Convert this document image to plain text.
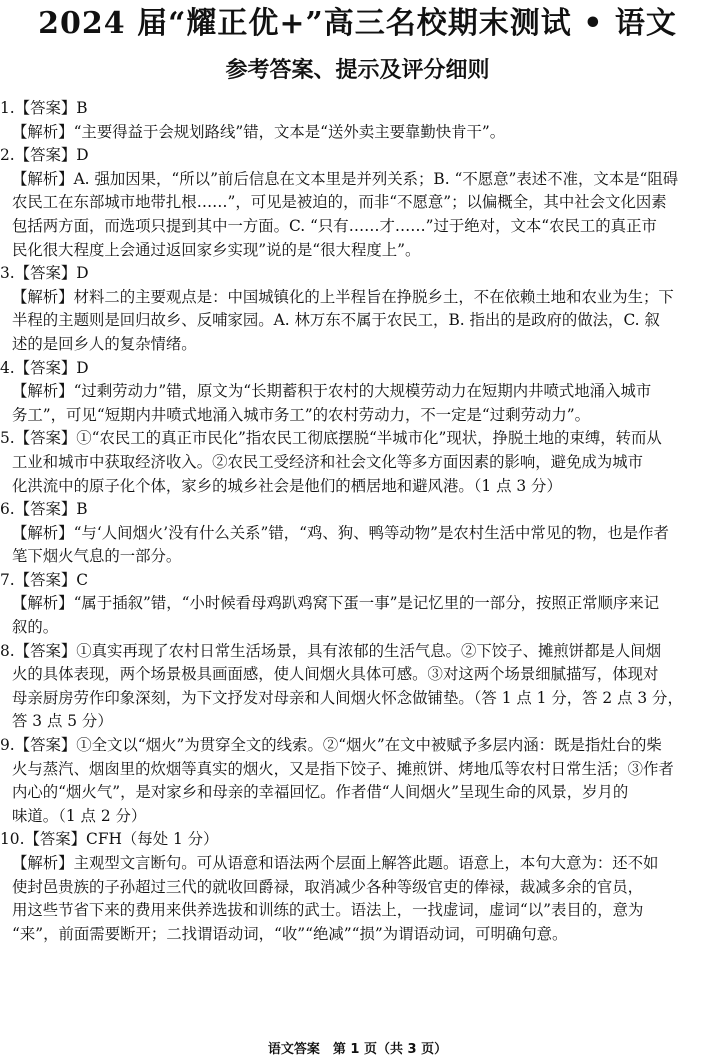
2024 届“耀正优+”高三名校期末测试 • 语文
参考答案、提示及评分细则

1.【答案】B

【解析】“主要得益于会规划路线”错，文本是“送外卖主要靠勤快肯干”。

2.【答案】D

【解析】A. 强加因果，“所以”前后信息在文本里是并列关系；B. “不愿意”表述不准，文本是“阻碍

农民工在东部城市地带扎根……”，可见是被迫的，而非“不愿意”；以偏概全，其中社会文化因素

包括两方面，而选项只提到其中一方面。C. “只有……才……”过于绝对，文本“农民工的真正市

民化很大程度上会通过返回家乡实现”说的是“很大程度上”。

3.【答案】D

【解析】材料二的主要观点是：中国城镇化的上半程旨在挣脱乡土，不在依赖土地和农业为生；下

半程的主题则是回归故乡、反哺家园。A. 林万东不属于农民工，B. 指出的是政府的做法，C. 叙

述的是回乡人的复杂情绪。

4.【答案】D

【解析】“过剩劳动力”错，原文为“长期蓄积于农村的大规模劳动力在短期内井喷式地涌入城市

务工”，可见“短期内井喷式地涌入城市务工”的农村劳动力，不一定是“过剩劳动力”。

5.【答案】①“农民工的真正市民化”指农民工彻底摆脱“半城市化”现状，挣脱土地的束缚，转而从

工业和城市中获取经济收入。②农民工受经济和社会文化等多方面因素的影响，避免成为城市

化洪流中的原子化个体，家乡的城乡社会是他们的栖居地和避风港。（1 点 3 分）

6.【答案】B

【解析】“与‘人间烟火’没有什么关系”错，“鸡、狗、鸭等动物”是农村生活中常见的物，也是作者

笔下烟火气息的一部分。

7.【答案】C

【解析】“属于插叙”错，“小时候看母鸡趴鸡窝下蛋一事”是记忆里的一部分，按照正常顺序来记

叙的。

8.【答案】①真实再现了农村日常生活场景，具有浓郁的生活气息。②下饺子、摊煎饼都是人间烟

火的具体表现，两个场景极具画面感，使人间烟火具体可感。③对这两个场景细腻描写，体现对

母亲厨房劳作印象深刻，为下文抒发对母亲和人间烟火怀念做铺垫。（答 1 点 1 分，答 2 点 3 分，

答 3 点 5 分）

9.【答案】①全文以“烟火”为贯穿全文的线索。②“烟火”在文中被赋予多层内涵：既是指灶台的柴

火与蒸汽、烟囱里的炊烟等真实的烟火，又是指下饺子、摊煎饼、烤地瓜等农村日常生活；③作者

内心的“烟火气”，是对家乡和母亲的幸福回忆。作者借“人间烟火”呈现生命的风景，岁月的

味道。（1 点 2 分）

10.【答案】CFH（每处 1 分）

【解析】主观型文言断句。可从语意和语法两个层面上解答此题。语意上，本句大意为：还不如

使封邑贵族的子孙超过三代的就收回爵禄，取消减少各种等级官吏的俸禄，裁减多余的官员，

用这些节省下来的费用来供养选拔和训练的武士。语法上，一找虚词，虚词“以”表目的，意为

“来”，前面需要断开；二找谓语动词，“收”“绝减”“损”为谓语动词，可明确句意。

语文答案　第 1 页（共 3 页）
